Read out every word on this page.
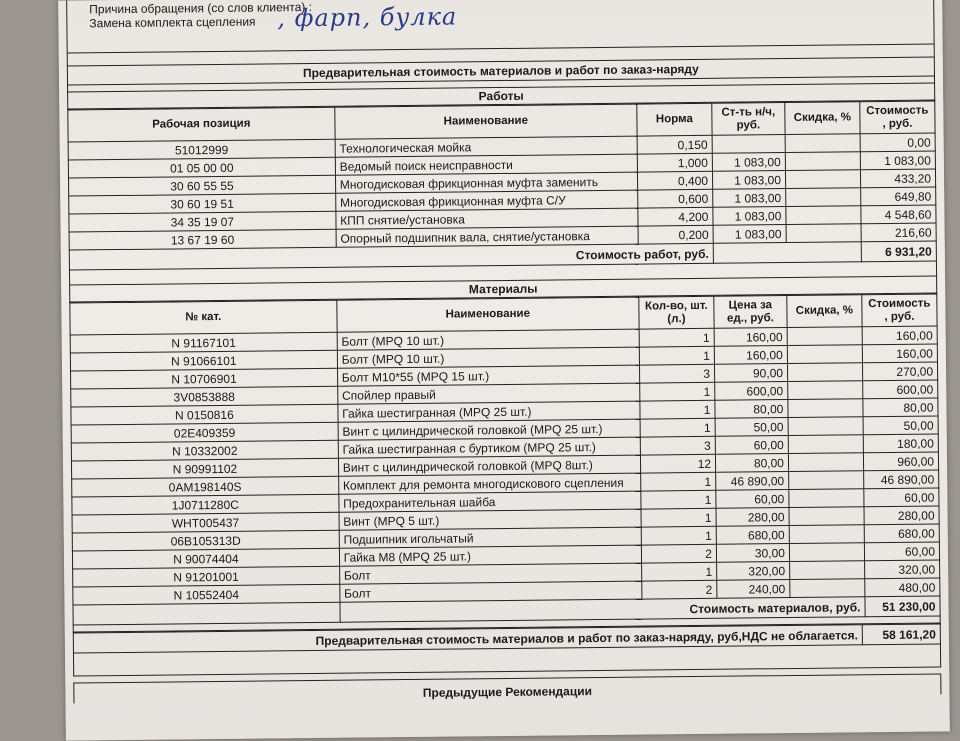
Причина обращения (со слов клиента) :
Замена комплекта сцепления , фарп, булка
Предварительная стоимость материалов и работ по заказ-наряду
Работы
Рабочая позиция	Наименование	Норма	Ст-ть н/ч, руб.	Скидка, %	Стоимость , руб.
51012999	Технологическая мойка	0,150			0,00
01 05 00 00	Ведомый поиск неисправности	1,000	1 083,00		1 083,00
30 60 55 55	Многодисковая фрикционная муфта заменить	0,400	1 083,00		433,20
30 60 19 51	Многодисковая фрикционная муфта С/У	0,600	1 083,00		649,80
34 35 19 07	КПП снятие/установка	4,200	1 083,00		4 548,60
13 67 19 60	Опорный подшипник вала, снятие/установка	0,200	1 083,00		216,60
Стоимость работ, руб.					6 931,20
Материалы
№ кат.	Наименование	Кол-во, шт.(л.)	Цена за ед., руб.	Скидка, %	Стоимость , руб.
N 91167101	Болт (MPQ 10 шт.)	1	160,00		160,00
N 91066101	Болт (MPQ 10 шт.)	1	160,00		160,00
N 10706901	Болт M10*55 (MPQ 15 шт.)	3	90,00		270,00
3V0853888	Спойлер правый	1	600,00		600,00
N 0150816	Гайка шестигранная (MPQ 25 шт.)	1	80,00		80,00
02E409359	Винт с цилиндрической головкой (MPQ 25 шт.)	1	50,00		50,00
N 10332002	Гайка шестигранная с буртиком (MPQ 25 шт.)	3	60,00		180,00
N 90991102	Винт с цилиндрической головкой (MPQ 8шт.)	12	80,00		960,00
0AM198140S	Комплект для ремонта многодискового сцепления	1	46 890,00		46 890,00
1J0711280C	Предохранительная шайба	1	60,00		60,00
WHT005437	Винт (MPQ 5 шт.)	1	280,00		280,00
06B105313D	Подшипник игольчатый	1	680,00		680,00
N 90074404	Гайка M8 (MPQ 25 шт.)	2	30,00		60,00
N 91201001	Болт	1	320,00		320,00
N 10552404	Болт	2	240,00		480,00
	Стоимость материалов, руб.				51 230,00
Предварительная стоимость материалов и работ по заказ-наряду, руб,НДС не облагается.	58 161,20
Предыдущие Рекомендации
